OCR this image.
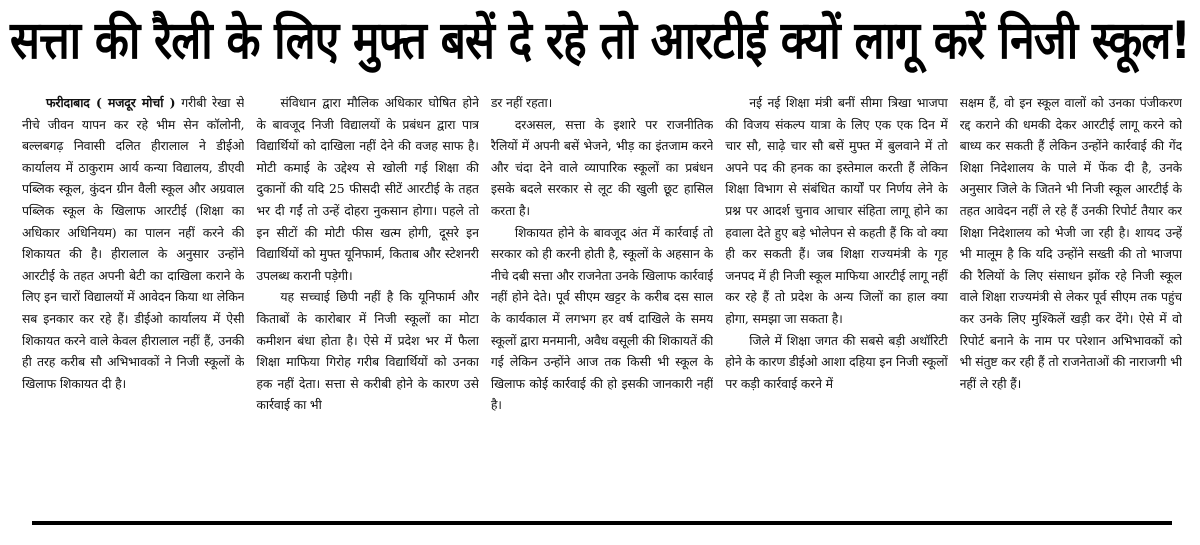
सत्ता की रैली के लिए मुफ्त बसें दे रहे तो आरटीई क्यों लागू करें निजी स्कूल!

फरीदाबाद ( मजदूर मोर्चा ) गरीबी रेखा से नीचे जीवन यापन कर रहे भीम सेन कॉलोनी, बल्लबगढ़ निवासी दलित हीरालाल ने डीईओ कार्यालय में ठाकुराम आर्य कन्या विद्यालय, डीएवी पब्लिक स्कूल, कुंदन ग्रीन वैली स्कूल और अग्रवाल पब्लिक स्कूल के खिलाफ आरटीई (शिक्षा का अधिकार अधिनियम) का पालन नहीं करने की शिकायत की है। हीरालाल के अनुसार उन्होंने आरटीई के तहत अपनी बेटी का दाखिला कराने के लिए इन चारों विद्यालयों में आवेदन किया था लेकिन सब इनकार कर रहे हैं। डीईओ कार्यालय में ऐसी शिकायत करने वाले केवल हीरालाल नहीं हैं, उनकी ही तरह करीब सौ अभिभावकों ने निजी स्कूलों के खिलाफ शिकायत दी है।

संविधान द्वारा मौलिक अधिकार घोषित होने के बावजूद निजी विद्यालयों के प्रबंधन द्वारा पात्र विद्यार्थियों को दाखिला नहीं देने की वजह साफ है। मोटी कमाई के उद्देश्य से खोली गई शिक्षा की दुकानों की यदि 25 फीसदी सीटें आरटीई के तहत भर दी गईं तो उन्हें दोहरा नुकसान होगा। पहले तो इन सीटों की मोटी फीस खत्म होगी, दूसरे इन विद्यार्थियों को मुफ्त यूनिफार्म, किताब और स्टेशनरी उपलब्ध करानी पड़ेगी।

यह सच्चाई छिपी नहीं है कि यूनिफार्म और किताबों के कारोबार में निजी स्कूलों का मोटा कमीशन बंधा होता है। ऐसे में प्रदेश भर में फैला शिक्षा माफिया गिरोह गरीब विद्यार्थियों को उनका हक नहीं देता। सत्ता से करीबी होने के कारण उसे कार्रवाई का भी

डर नहीं रहता।

दरअसल, सत्ता के इशारे पर राजनीतिक रैलियों में अपनी बसें भेजने, भीड़ का इंतजाम करने और चंदा देने वाले व्यापारिक स्कूलों का प्रबंधन इसके बदले सरकार से लूट की खुली छूट हासिल करता है।

शिकायत होने के बावजूद अंत में कार्रवाई तो सरकार को ही करनी होती है, स्कूलों के अहसान के नीचे दबी सत्ता और राजनेता उनके खिलाफ कार्रवाई नहीं होने देते। पूर्व सीएम खट्टर के करीब दस साल के कार्यकाल में लगभग हर वर्ष दाखिले के समय स्कूलों द्वारा मनमानी, अवैध वसूली की शिकायतें की गई लेकिन उन्होंने आज तक किसी भी स्कूल के खिलाफ कोई कार्रवाई की हो इसकी जानकारी नहीं है।

नई नई शिक्षा मंत्री बनीं सीमा त्रिखा भाजपा की विजय संकल्प यात्रा के लिए एक एक दिन में चार सौ, साढ़े चार सौ बसें मुफ्त में बुलवाने में तो अपने पद की हनक का इस्तेमाल करती हैं लेकिन शिक्षा विभाग से संबंधित कार्यों पर निर्णय लेने के प्रश्न पर आदर्श चुनाव आचार संहिता लागू होने का हवाला देते हुए बड़े भोलेपन से कहती हैं कि वो क्या ही कर सकती हैं। जब शिक्षा राज्यमंत्री के गृह जनपद में ही निजी स्कूल माफिया आरटीई लागू नहीं कर रहे हैं तो प्रदेश के अन्य जिलों का हाल क्या होगा, समझा जा सकता है।

जिले में शिक्षा जगत की सबसे बड़ी अथॉरिटी होने के कारण डीईओ आशा दहिया इन निजी स्कूलों पर कड़ी कार्रवाई करने में

सक्षम हैं, वो इन स्कूल वालों को उनका पंजीकरण रद्द कराने की धमकी देकर आरटीई लागू करने को बाध्य कर सकती हैं लेकिन उन्होंने कार्रवाई की गेंद शिक्षा निदेशालय के पाले में फेंक दी है, उनके अनुसार जिले के जितने भी निजी स्कूल आरटीई के तहत आवेदन नहीं ले रहे हैं उनकी रिपोर्ट तैयार कर शिक्षा निदेशालय को भेजी जा रही है। शायद उन्हें भी मालूम है कि यदि उन्होंने सख्ती की तो भाजपा की रैलियों के लिए संसाधन झोंक रहे निजी स्कूल वाले शिक्षा राज्यमंत्री से लेकर पूर्व सीएम तक पहुंच कर उनके लिए मुश्किलें खड़ी कर देंगे। ऐसे में वो रिपोर्ट बनाने के नाम पर परेशान अभिभावकों को भी संतुष्ट कर रही हैं तो राजनेताओं की नाराजगी भी नहीं ले रही हैं।
